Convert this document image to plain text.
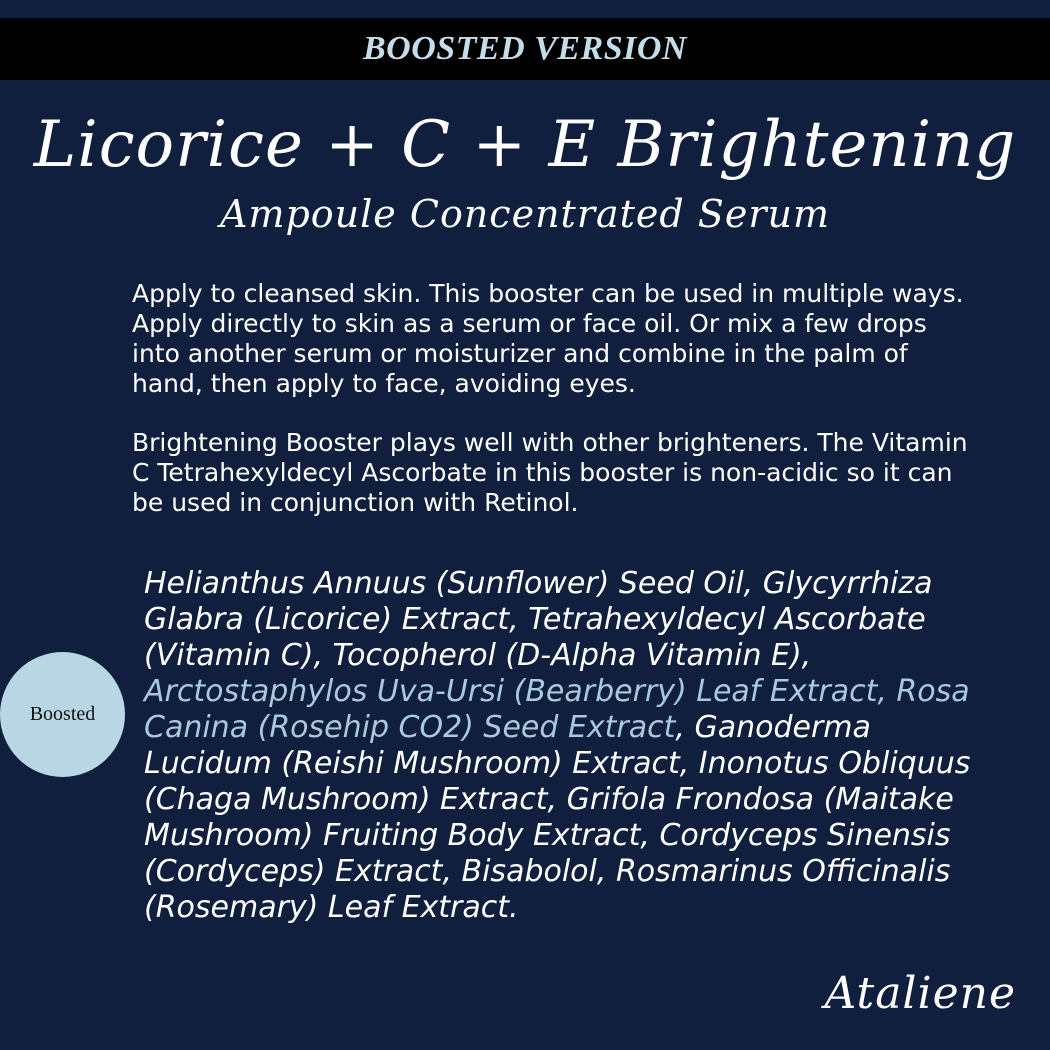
BOOSTED VERSION
Licorice + C + E Brightening
Ampoule Concentrated Serum

Apply to cleansed skin. This booster can be used in multiple ways. Apply directly to skin as a serum or face oil. Or mix a few drops into another serum or moisturizer and combine in the palm of hand, then apply to face, avoiding eyes.

Brightening Booster plays well with other brighteners. The Vitamin C Tetrahexyldecyl Ascorbate in this booster is non-acidic so it can be used in conjunction with Retinol.

Helianthus Annuus (Sunflower) Seed Oil, Glycyrrhiza Glabra (Licorice) Extract, Tetrahexyldecyl Ascorbate (Vitamin C), Tocopherol (D-Alpha Vitamin E), Arctostaphylos Uva-Ursi (Bearberry) Leaf Extract, Rosa Canina (Rosehip CO2) Seed Extract, Ganoderma Lucidum (Reishi Mushroom) Extract, Inonotus Obliquus (Chaga Mushroom) Extract, Grifola Frondosa (Maitake Mushroom) Fruiting Body Extract, Cordyceps Sinensis (Cordyceps) Extract, Bisabolol, Rosmarinus Officinalis (Rosemary) Leaf Extract.

Boosted
Ataliene
